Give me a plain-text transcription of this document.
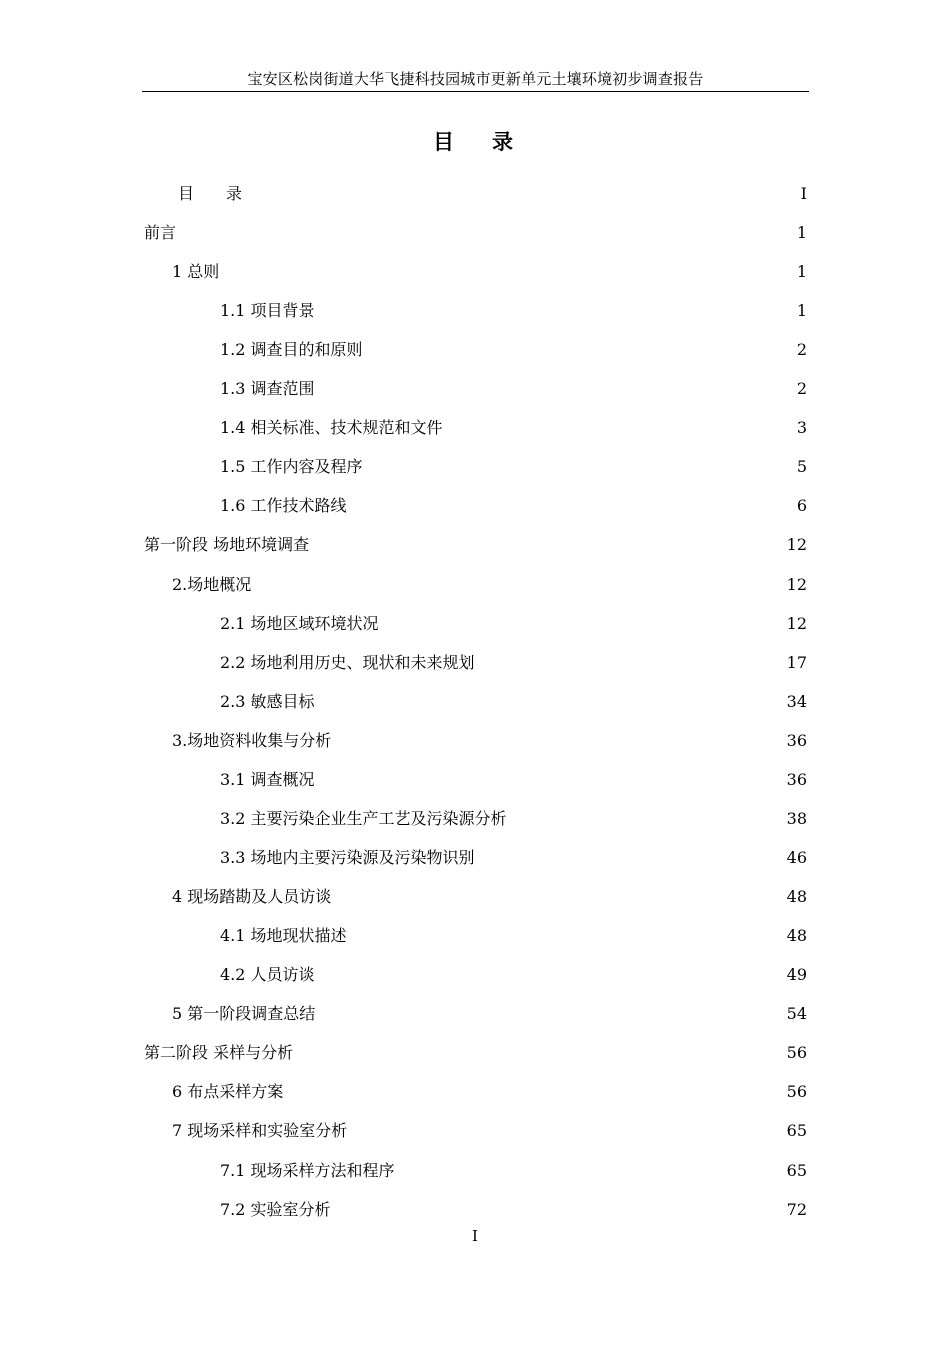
宝安区松岗街道大华飞捷科技园城市更新单元土壤环境初步调查报告
目 录
目　　录	I
前言	1
1 总则	1
1.1 项目背景	1
1.2 调查目的和原则	2
1.3 调查范围	2
1.4 相关标准、技术规范和文件	3
1.5 工作内容及程序	5
1.6 工作技术路线	6
第一阶段 场地环境调查	12
2.场地概况	12
2.1 场地区域环境状况	12
2.2 场地利用历史、现状和未来规划	17
2.3 敏感目标	34
3.场地资料收集与分析	36
3.1 调查概况	36
3.2 主要污染企业生产工艺及污染源分析	38
3.3 场地内主要污染源及污染物识别	46
4 现场踏勘及人员访谈	48
4.1 场地现状描述	48
4.2 人员访谈	49
5 第一阶段调查总结	54
第二阶段 采样与分析	56
6 布点采样方案	56
7 现场采样和实验室分析	65
7.1 现场采样方法和程序	65
7.2 实验室分析	72
I
